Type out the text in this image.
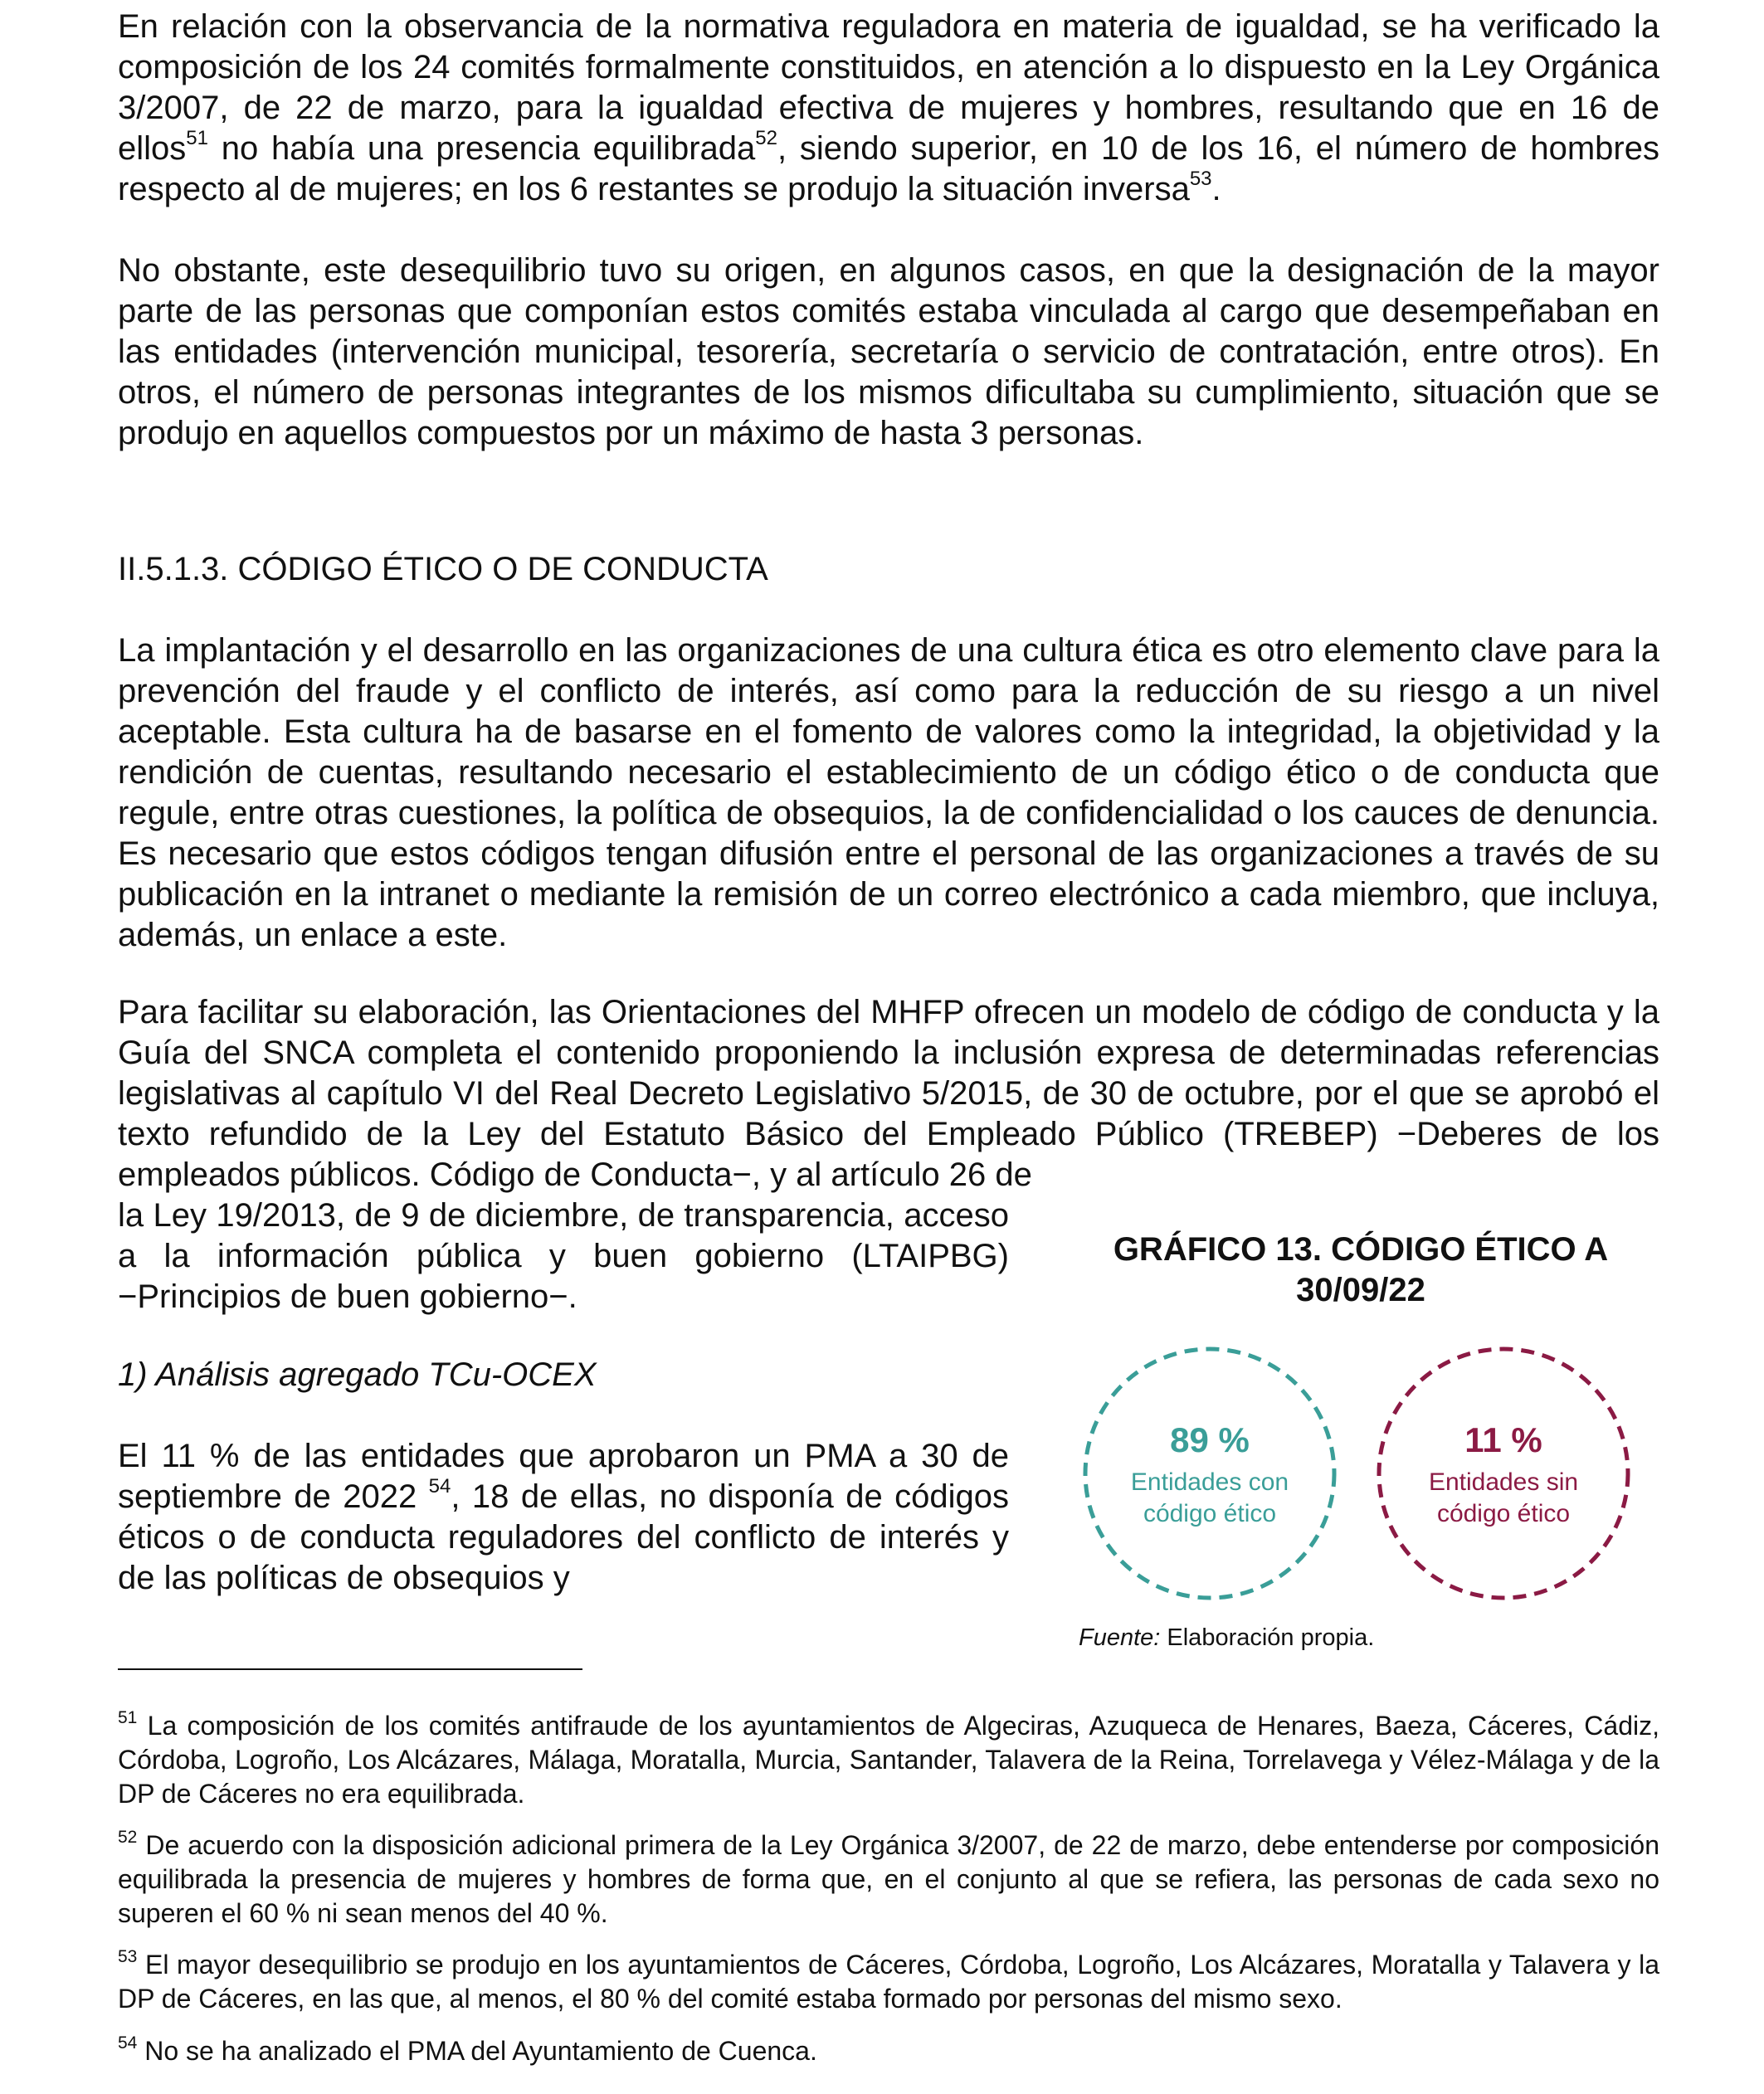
En relación con la observancia de la normativa reguladora en materia de igualdad, se ha verificado la composición de los 24 comités formalmente constituidos, en atención a lo dispuesto en la Ley Orgánica 3/2007, de 22 de marzo, para la igualdad efectiva de mujeres y hombres, resultando que en 16 de ellos$^{51}$ no había una presencia equilibrada$^{52}$, siendo superior, en 10 de los 16, el número de hombres respecto al de mujeres; en los 6 restantes se produjo la situación inversa$^{53}$.

No obstante, este desequilibrio tuvo su origen, en algunos casos, en que la designación de la mayor parte de las personas que componían estos comités estaba vinculada al cargo que desempeñaban en las entidades (intervención municipal, tesorería, secretaría o servicio de contratación, entre otros). En otros, el número de personas integrantes de los mismos dificultaba su cumplimiento, situación que se produjo en aquellos compuestos por un máximo de hasta 3 personas.

II.5.1.3. CÓDIGO ÉTICO O DE CONDUCTA

La implantación y el desarrollo en las organizaciones de una cultura ética es otro elemento clave para la prevención del fraude y el conflicto de interés, así como para la reducción de su riesgo a un nivel aceptable. Esta cultura ha de basarse en el fomento de valores como la integridad, la objetividad y la rendición de cuentas, resultando necesario el establecimiento de un código ético o de conducta que regule, entre otras cuestiones, la política de obsequios, la de confidencialidad o los cauces de denuncia. Es necesario que estos códigos tengan difusión entre el personal de las organizaciones a través de su publicación en la intranet o mediante la remisión de un correo electrónico a cada miembro, que incluya, además, un enlace a este.

Para facilitar su elaboración, las Orientaciones del MHFP ofrecen un modelo de código de conducta y la Guía del SNCA completa el contenido proponiendo la inclusión expresa de determinadas referencias legislativas al capítulo VI del Real Decreto Legislativo 5/2015, de 30 de octubre, por el que se aprobó el texto refundido de la Ley del Estatuto Básico del Empleado Público (TREBEP) −Deberes de los empleados públicos. Código de Conducta−, y al artículo 26 de

la Ley 19/2013, de 9 de diciembre, de transparencia, acceso a la información pública y buen gobierno (LTAIPBG) −Principios de buen gobierno−.

1) Análisis agregado TCu-OCEX

El 11 % de las entidades que aprobaron un PMA a 30 de septiembre de 2022 $^{54}$, 18 de ellas, no disponía de códigos éticos o de conducta reguladores del conflicto de interés y de las políticas de obsequios y

GRÁFICO 13. CÓDIGO ÉTICO A 30/09/22

89 %
Entidades con
código ético
11 %
Entidades sin
código ético
Fuente: Elaboración propia.

$^{51}$ La composición de los comités antifraude de los ayuntamientos de Algeciras, Azuqueca de Henares, Baeza, Cáceres, Cádiz, Córdoba, Logroño, Los Alcázares, Málaga, Moratalla, Murcia, Santander, Talavera de la Reina, Torrelavega y Vélez-Málaga y de la DP de Cáceres no era equilibrada.

$^{52}$ De acuerdo con la disposición adicional primera de la Ley Orgánica 3/2007, de 22 de marzo, debe entenderse por composición equilibrada la presencia de mujeres y hombres de forma que, en el conjunto al que se refiera, las personas de cada sexo no superen el 60 % ni sean menos del 40 %.

$^{53}$ El mayor desequilibrio se produjo en los ayuntamientos de Cáceres, Córdoba, Logroño, Los Alcázares, Moratalla y Talavera y la DP de Cáceres, en las que, al menos, el 80 % del comité estaba formado por personas del mismo sexo.

$^{54}$ No se ha analizado el PMA del Ayuntamiento de Cuenca.
